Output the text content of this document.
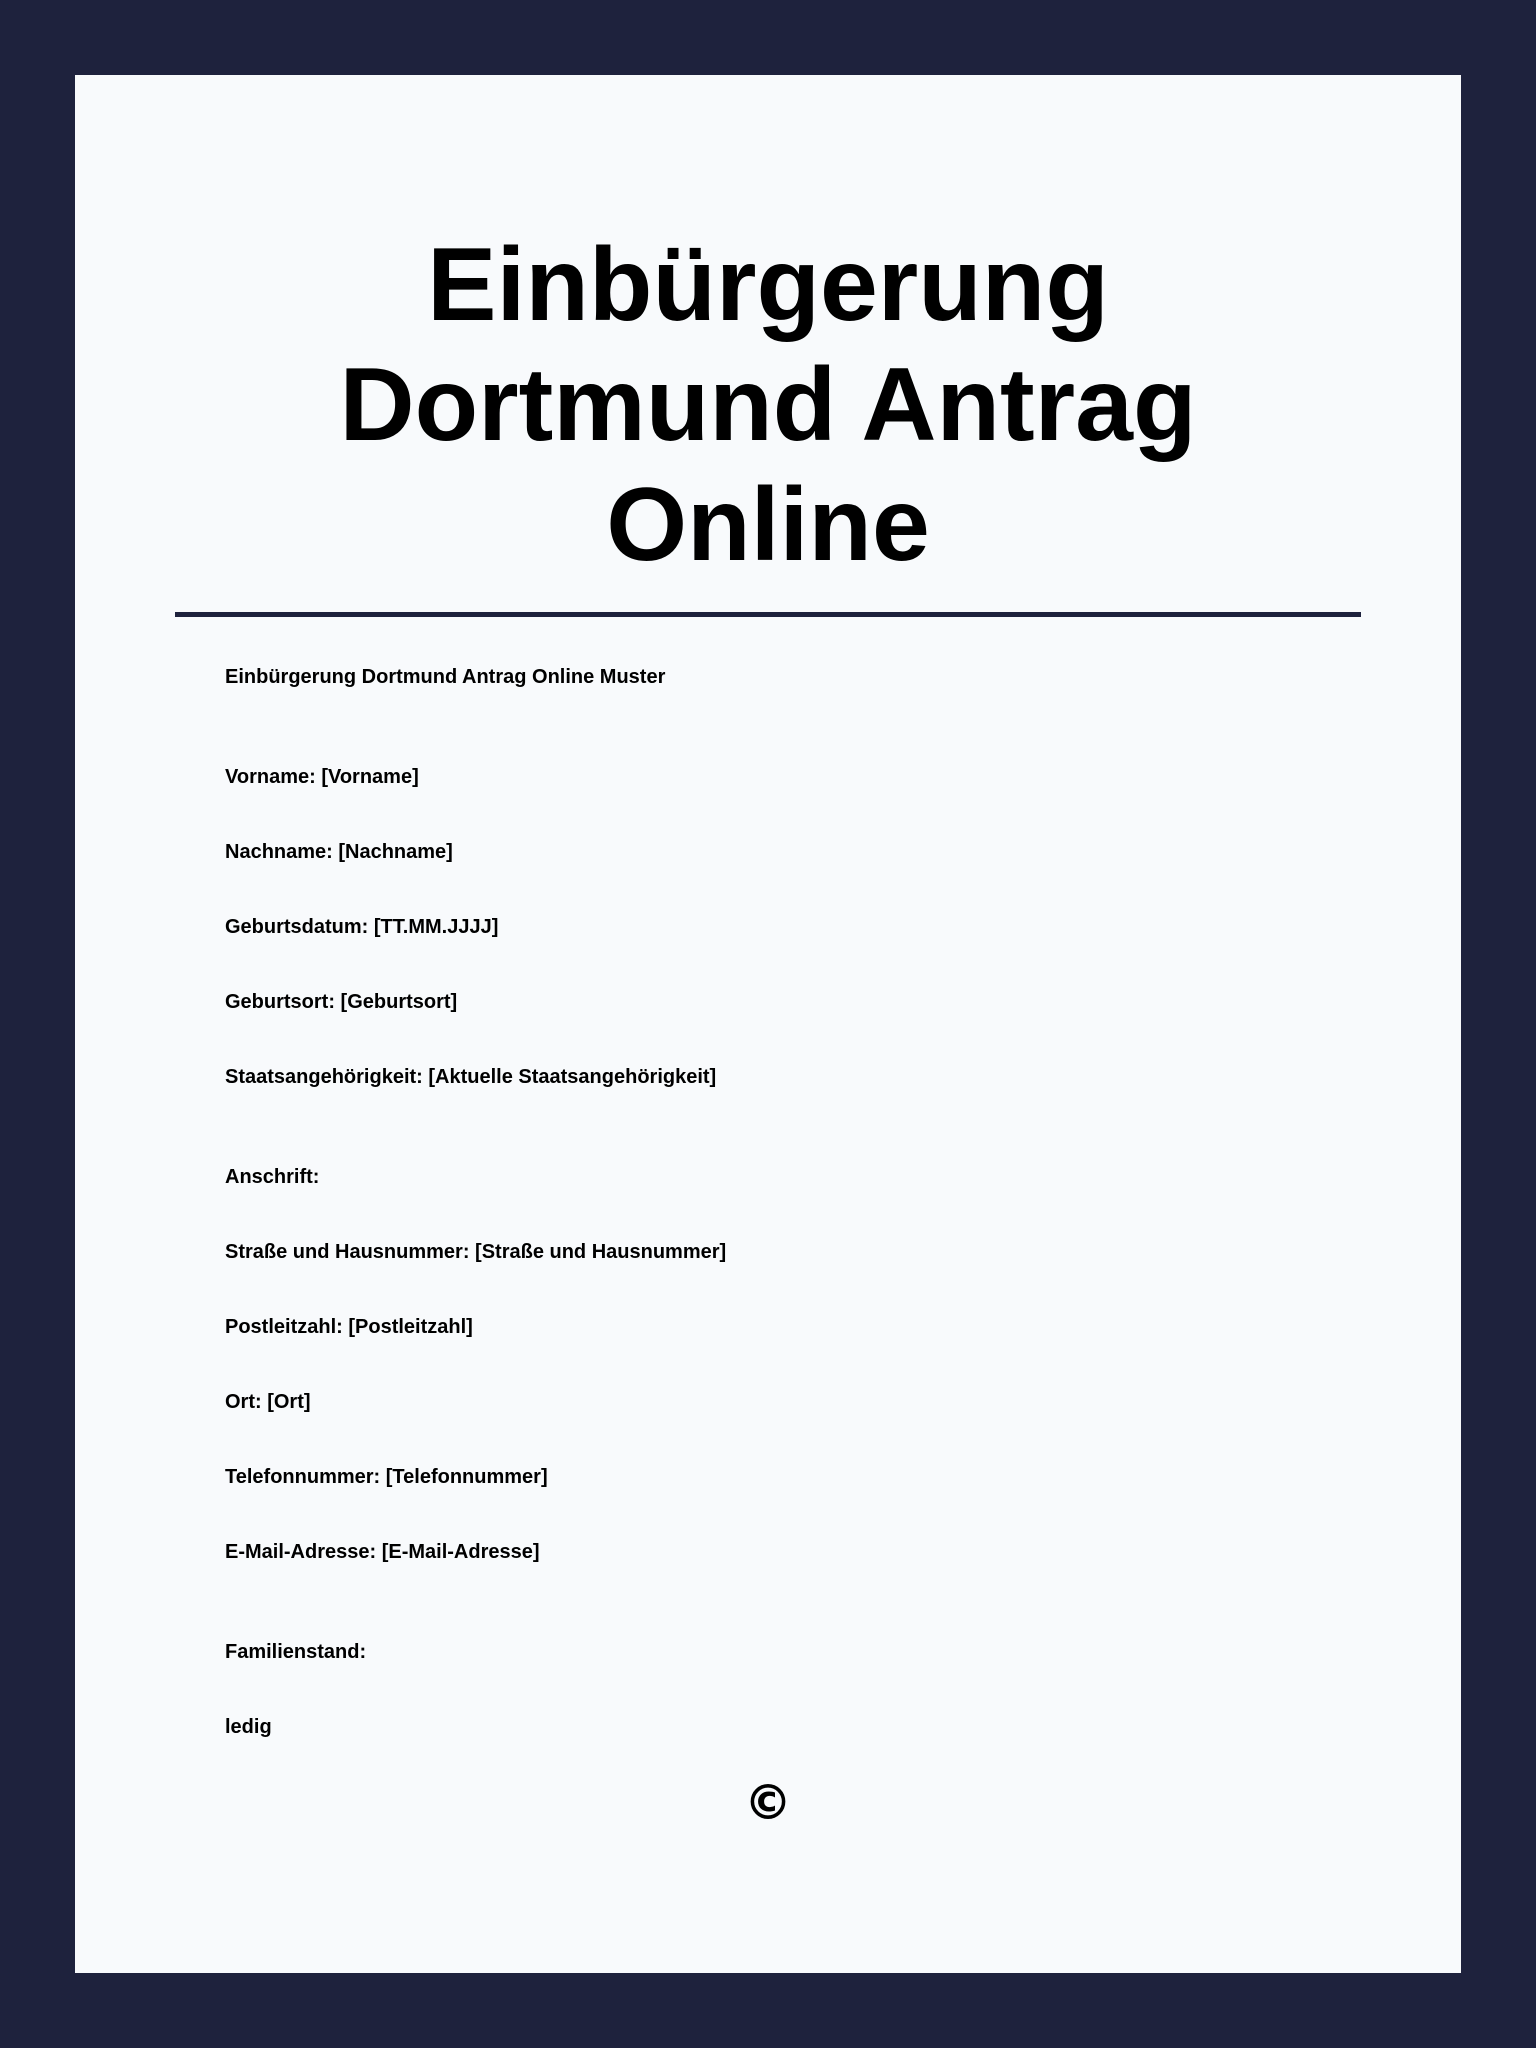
Einbürgerung
Dortmund Antrag
Online
Einbürgerung Dortmund Antrag Online Muster
Vorname: [Vorname]
Nachname: [Nachname]
Geburtsdatum: [TT.MM.JJJJ]
Geburtsort: [Geburtsort]
Staatsangehörigkeit: [Aktuelle Staatsangehörigkeit]
Anschrift:
Straße und Hausnummer: [Straße und Hausnummer]
Postleitzahl: [Postleitzahl]
Ort: [Ort]
Telefonnummer: [Telefonnummer]
E-Mail-Adresse: [E-Mail-Adresse]
Familienstand:
ledig
©
